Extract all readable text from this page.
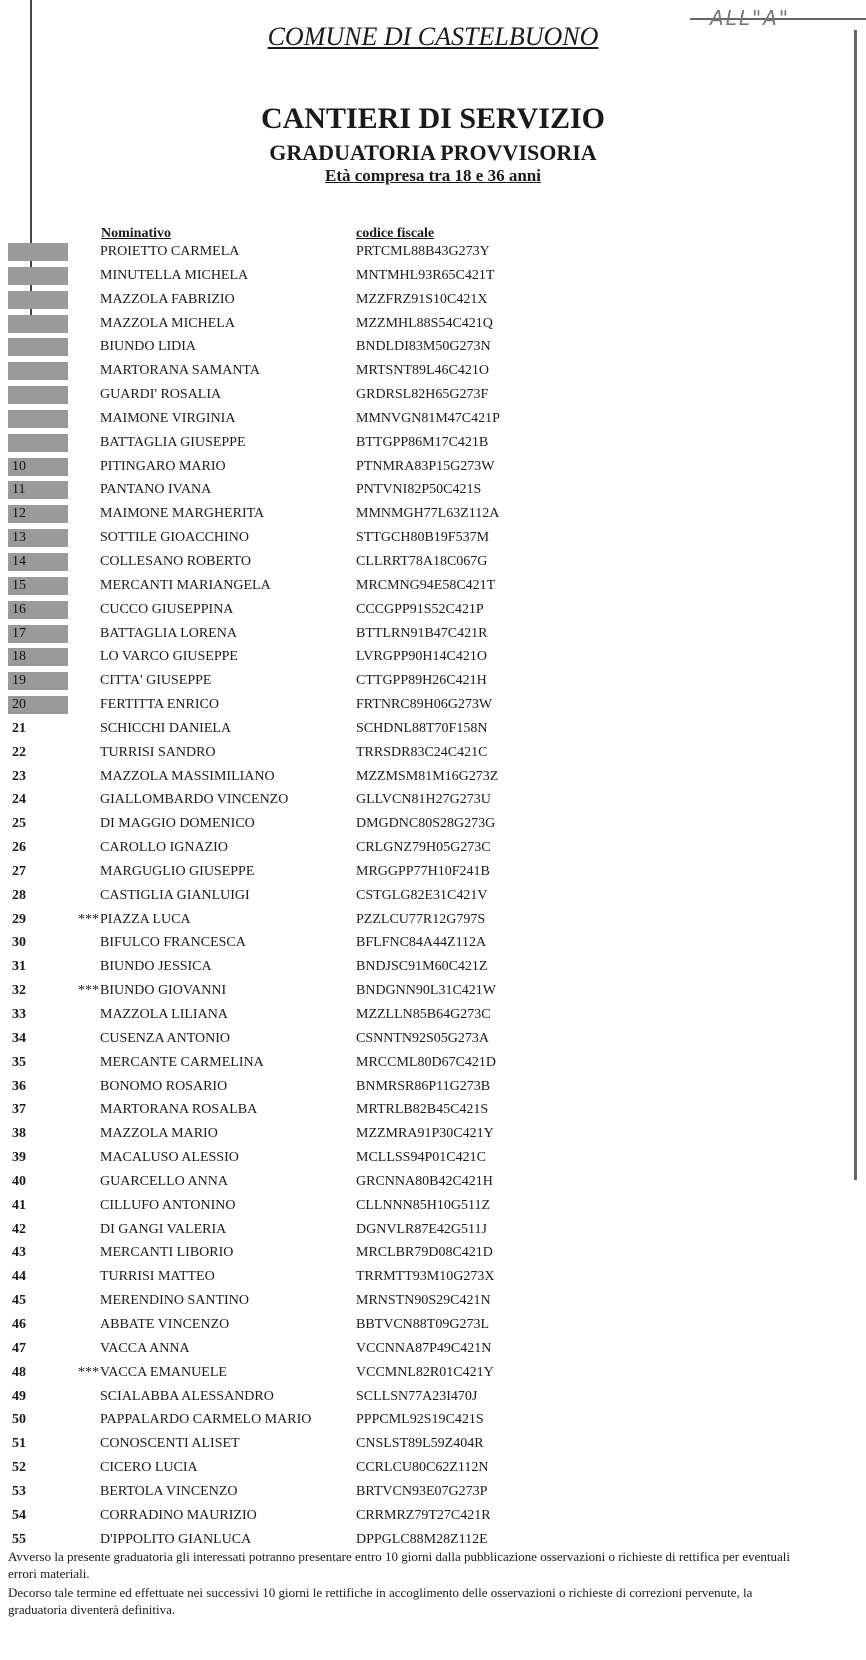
ALL"A"
COMUNE DI CASTELBUONO
CANTIERI DI SERVIZIO
GRADUATORIA PROVVISORIA
Età compresa tra 18 e 36 anni
Nominativo	codice fiscale
PROIETTO CARMELA	PRTCML88B43G273Y
MINUTELLA MICHELA	MNTMHL93R65C421T
MAZZOLA FABRIZIO	MZZFRZ91S10C421X
MAZZOLA MICHELA	MZZMHL88S54C421Q
BIUNDO LIDIA	BNDLDI83M50G273N
MARTORANA SAMANTA	MRTSNT89L46C421O
GUARDI' ROSALIA	GRDRSL82H65G273F
MAIMONE VIRGINIA	MMNVGN81M47C421P
BATTAGLIA GIUSEPPE	BTTGPP86M17C421B
10	PITINGARO MARIO	PTNMRA83P15G273W
11	PANTANO IVANA	PNTVNI82P50C421S
12	MAIMONE MARGHERITA	MMNMGH77L63Z112A
13	SOTTILE GIOACCHINO	STTGCH80B19F537M
14	COLLESANO ROBERTO	CLLRRT78A18C067G
15	MERCANTI MARIANGELA	MRCMNG94E58C421T
16	CUCCO GIUSEPPINA	CCCGPP91S52C421P
17	BATTAGLIA LORENA	BTTLRN91B47C421R
18	LO VARCO GIUSEPPE	LVRGPP90H14C421O
19	CITTA' GIUSEPPE	CTTGPP89H26C421H
20	FERTITTA ENRICO	FRTNRC89H06G273W
21	SCHICCHI DANIELA	SCHDNL88T70F158N
22	TURRISI SANDRO	TRRSDR83C24C421C
23	MAZZOLA MASSIMILIANO	MZZMSM81M16G273Z
24	GIALLOMBARDO VINCENZO	GLLVCN81H27G273U
25	DI MAGGIO DOMENICO	DMGDNC80S28G273G
26	CAROLLO IGNAZIO	CRLGNZ79H05G273C
27	MARGUGLIO GIUSEPPE	MRGGPP77H10F241B
28	CASTIGLIA GIANLUIGI	CSTGLG82E31C421V
29	***PIAZZA LUCA	PZZLCU77R12G797S
30	BIFULCO FRANCESCA	BFLFNC84A44Z112A
31	BIUNDO JESSICA	BNDJSC91M60C421Z
32	***BIUNDO GIOVANNI	BNDGNN90L31C421W
33	MAZZOLA LILIANA	MZZLLN85B64G273C
34	CUSENZA ANTONIO	CSNNTN92S05G273A
35	MERCANTE CARMELINA	MRCCML80D67C421D
36	BONOMO ROSARIO	BNMRSR86P11G273B
37	MARTORANA ROSALBA	MRTRLB82B45C421S
38	MAZZOLA MARIO	MZZMRA91P30C421Y
39	MACALUSO ALESSIO	MCLLSS94P01C421C
40	GUARCELLO ANNA	GRCNNA80B42C421H
41	CILLUFO ANTONINO	CLLNNN85H10G511Z
42	DI GANGI VALERIA	DGNVLR87E42G511J
43	MERCANTI LIBORIO	MRCLBR79D08C421D
44	TURRISI MATTEO	TRRMTT93M10G273X
45	MERENDINO SANTINO	MRNSTN90S29C421N
46	ABBATE VINCENZO	BBTVCN88T09G273L
47	VACCA ANNA	VCCNNA87P49C421N
48	***VACCA EMANUELE	VCCMNL82R01C421Y
49	SCIALABBA ALESSANDRO	SCLLSN77A23I470J
50	PAPPALARDO CARMELO MARIO	PPPCML92S19C421S
51	CONOSCENTI ALISET	CNSLST89L59Z404R
52	CICERO LUCIA	CCRLCU80C62Z112N
53	BERTOLA VINCENZO	BRTVCN93E07G273P
54	CORRADINO MAURIZIO	CRRMRZ79T27C421R
55	D'IPPOLITO GIANLUCA	DPPGLC88M28Z112E

Avverso la presente graduatoria gli interessati potranno presentare entro 10 giorni dalla pubblicazione osservazioni o richieste di rettifica per eventuali errori materiali.

Decorso tale termine ed effettuate nei successivi 10 giorni le rettifiche in accoglimento delle osservazioni o richieste di correzioni pervenute, la graduatoria diventerà definitiva.
